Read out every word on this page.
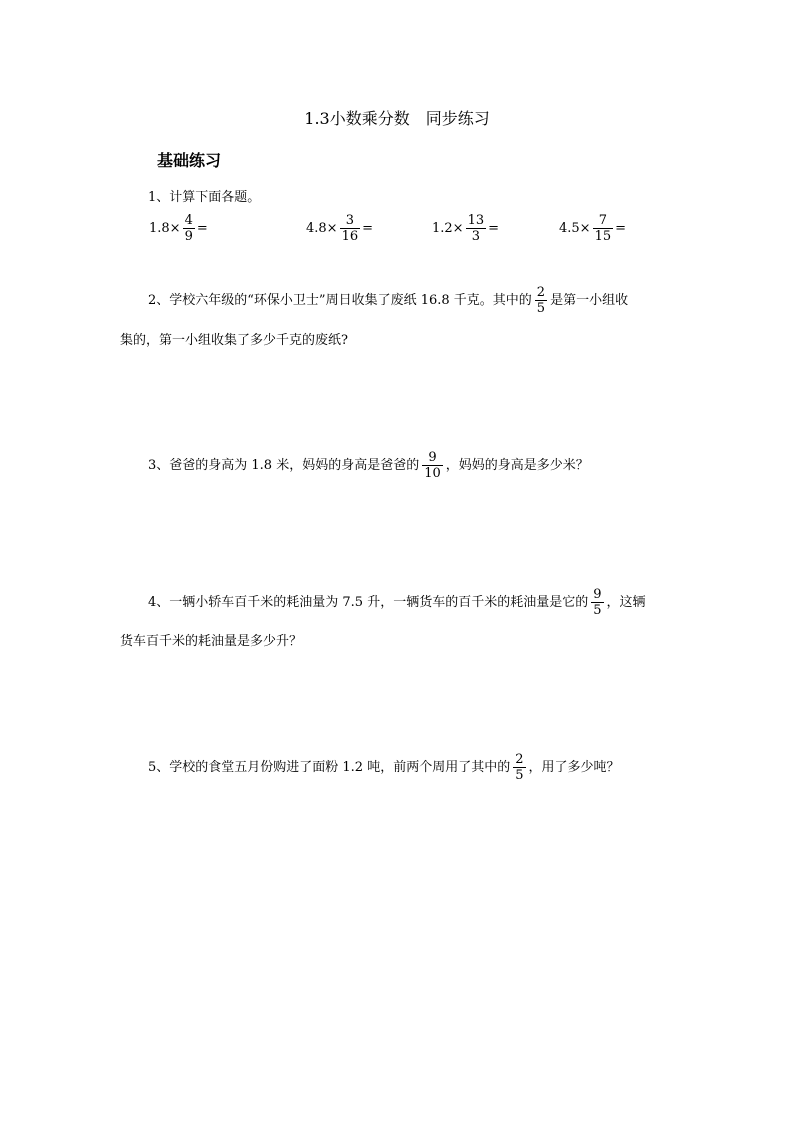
1.3小数乘分数　同步练习
基础练习
1、计算下面各题。
$1.8\times \frac{4}{9}$ =	$4.8\times \frac{3}{16}$ =	$1.2\times \frac{13}{3}$ =	$4.5\times \frac{7}{15}$ =
2、学校六年级的“环保小卫士”周日收集了废纸 16.8 千克。其中的 $\frac{2}{5}$ 是第一小组收
集的，第一小组收集了多少千克的废纸?
3、爸爸的身高为 1.8 米，妈妈的身高是爸爸的 $\frac{9}{10}$ ，妈妈的身高是多少米？
4、一辆小轿车百千米的耗油量为 7.5 升，一辆货车的百千米的耗油量是它的 $\frac{9}{5}$ ，这辆
货车百千米的耗油量是多少升？
5、学校的食堂五月份购进了面粉 1.2 吨，前两个周用了其中的 $\frac{2}{5}$ ，用了多少吨？
